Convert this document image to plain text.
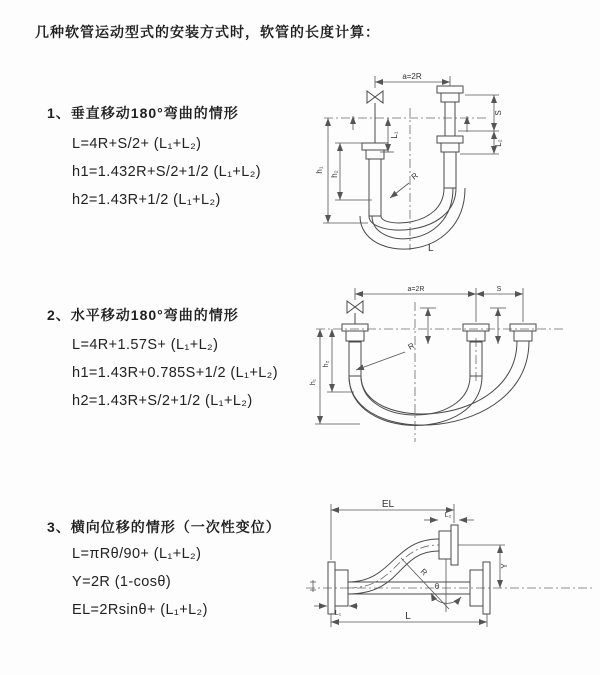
几种软管运动型式的安装方式时，软管的长度计算：
1、垂直移动180°弯曲的情形
L=4R+S/2+ (L₁+L₂)
h1=1.432R+S/2+1/2 (L₁+L₂)
h2=1.43R+1/2 (L₁+L₂)
2、水平移动180°弯曲的情形
L=4R+1.57S+ (L₁+L₂)
h1=1.43R+0.785S+1/2 (L₁+L₂)
h2=1.43R+S/2+1/2 (L₁+L₂)
3、横向位移的情形（一次性变位）
L=πRθ/90+ (L₁+L₂)
Y=2R (1-cosθ)
EL=2Rsinθ+ (L₁+L₂)
a=2R
S
L₂
L₁
h₁
h₂	R
L
a=2R	S
h₁
h₂
R
R
θ
EL
L₂
Y
L₁	L
